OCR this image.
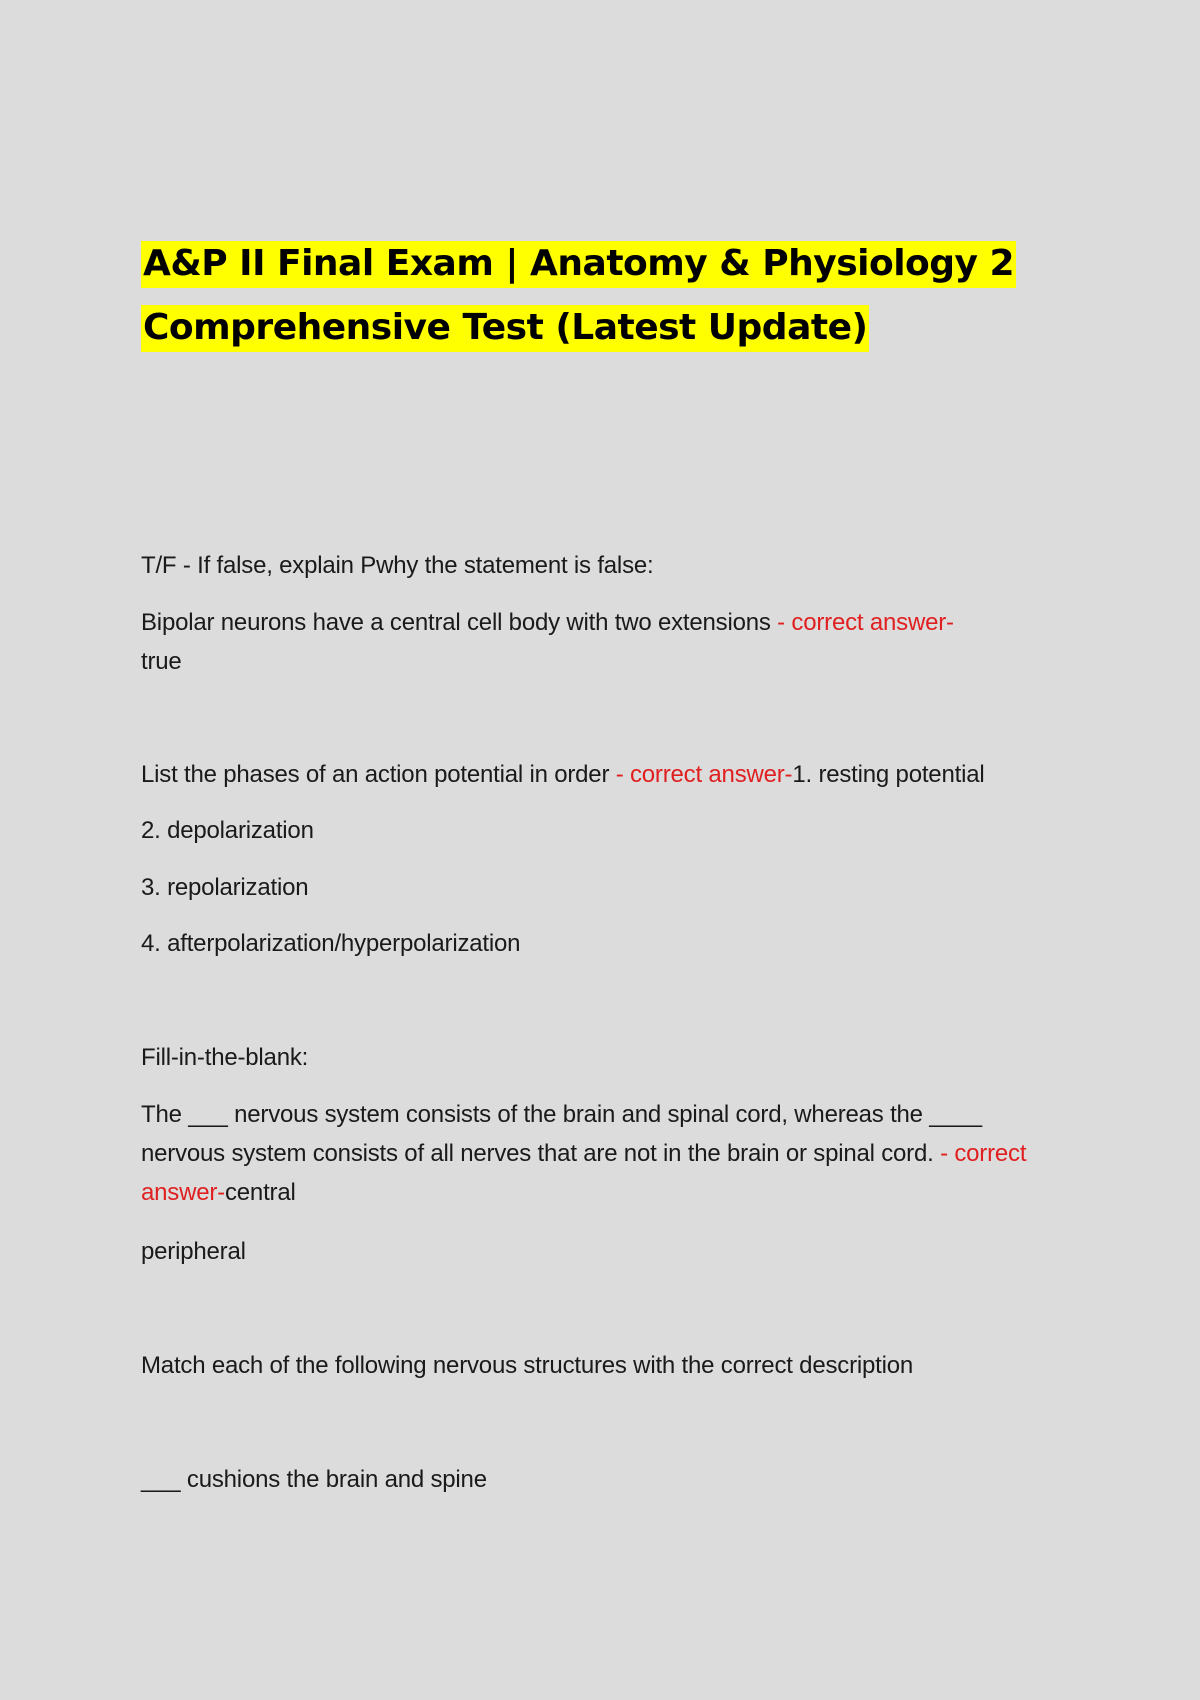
A&P II Final Exam | Anatomy & Physiology 2
Comprehensive Test (Latest Update)

T/F - If false, explain Pwhy the statement is false:

Bipolar neurons have a central cell body with two extensions - correct answer-
true

List the phases of an action potential in order - correct answer-1. resting potential

2. depolarization

3. repolarization

4. afterpolarization/hyperpolarization

Fill-in-the-blank:

The ___ nervous system consists of the brain and spinal cord, whereas the ____ nervous system consists of all nerves that are not in the brain or spinal cord. - correct answer-central

peripheral

Match each of the following nervous structures with the correct description

___ cushions the brain and spine
